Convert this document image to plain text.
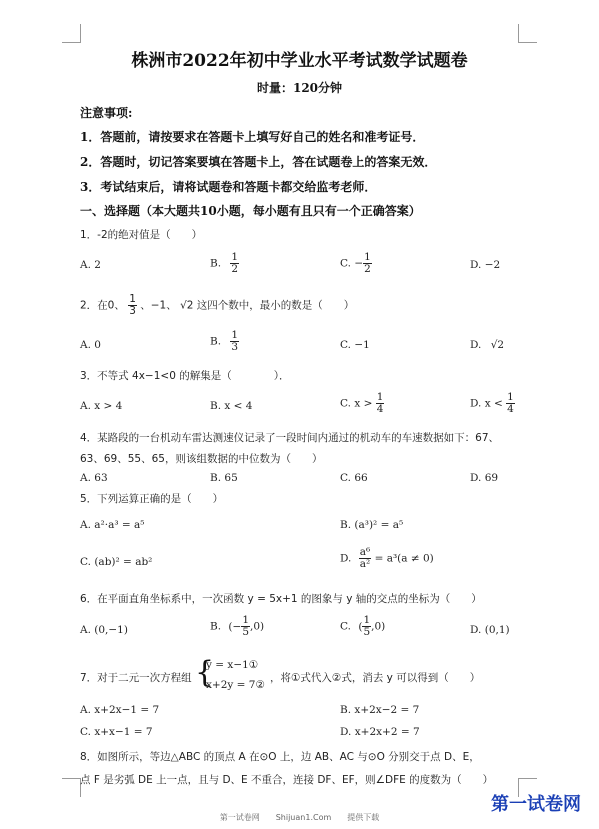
株洲市2022年初中学业水平考试数学试题卷
时量：120分钟
注意事项:
1．答题前，请按要求在答题卡上填写好自己的姓名和准考证号．
2．答题时，切记答案要填在答题卡上，答在试题卷上的答案无效．
3．考试结束后，请将试题卷和答题卡都交给监考老师．
一、选择题（本大题共10小题，每小题有且只有一个正确答案）
1．-2的绝对值是（　　）
A. 2	B. $\frac{1}{2}$	C. − $\frac{1}{2}$	D. −2
2．在0、 $\frac{1}{3}$ 、−1、 √2 这四个数中，最小的数是（　　）
A. 0	B. $\frac{1}{3}$	C. −1	D. √2
3．不等式 4x−1<0 的解集是（　　　　）．
A. x > 4	B. x < 4	C. $x > \frac{1}{4}$	D. $x < \frac{1}{4}$
4．某路段的一台机动车雷达测速仪记录了一段时间内通过的机动车的车速数据如下：67、
63、69、55、65，则该组数据的中位数为（　　）
A. 63	B. 65	C. 66	D. 69
5．下列运算正确的是（　　）
A. a²·a³ = a⁵	B. (a³)² = a⁵
C. (ab)² = ab²	D. $\frac{\text{a⁶}}{\text{a²}} = a^3(a \ne 0)$
6．在平面直角坐标系中，一次函数 y = 5x+1 的图象与 y 轴的交点的坐标为（　　）
A. (0,−1)	B. (− $\frac{1}{5} ,0$)	C. ( $\frac{1}{5} ,0$)	D. (0,1)
7．对于二元一次方程组 {
y = x−1①
x+2y = 7②
，将①式代入②式，消去 y 可以得到（　　）
A. x+2x−1 = 7	B. x+2x−2 = 7
C. x+x−1 = 7	D. x+2x+2 = 7
8．如图所示，等边△ABC 的顶点 A 在⊙O 上，边 AB、AC 与⊙O 分别交于点 D、E，
点 F 是劣弧 DE 上一点，且与 D、E 不重合，连接 DF、EF，则∠DFE 的度数为（　　）
第一试卷网　　Shijuan1.Com　　提供下载
第一试卷网
